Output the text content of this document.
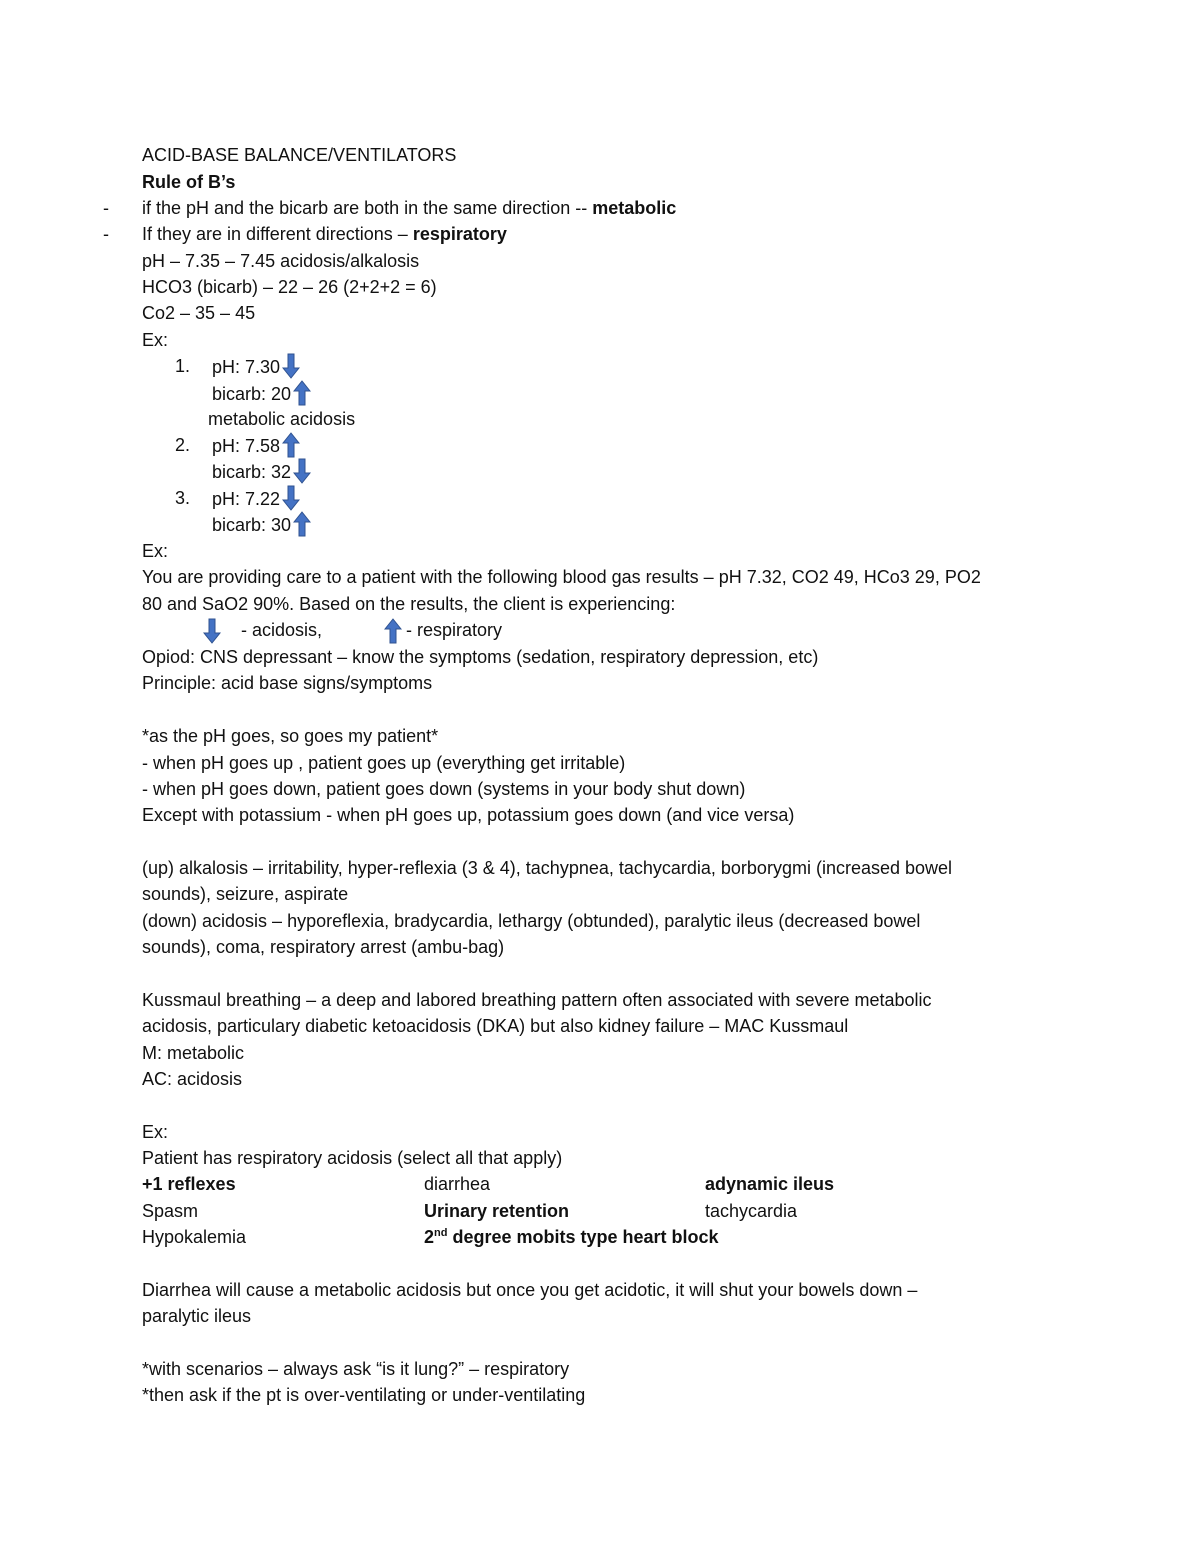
ACID-BASE BALANCE/VENTILATORS
Rule of B’s
- if the pH and the bicarb are both in the same direction -- metabolic
- If they are in different directions – respiratory
pH – 7.35 – 7.45 acidosis/alkalosis
HCO3 (bicarb) – 22 – 26 (2+2+2 = 6)
Co2 – 35 – 45
Ex:
1. pH: 7.30
bicarb: 20
metabolic acidosis
2. pH: 7.58
bicarb: 32
3. pH: 7.22
bicarb: 30
Ex:
You are providing care to a patient with the following blood gas results – pH 7.32, CO2 49, HCo3 29, PO2
80 and SaO2 90%. Based on the results, the client is experiencing:
- acidosis,	- respiratory
Opiod: CNS depressant – know the symptoms (sedation, respiratory depression, etc)
Principle: acid base signs/symptoms
*as the pH goes, so goes my patient*
- when pH goes up , patient goes up (everything get irritable)
- when pH goes down, patient goes down (systems in your body shut down)
Except with potassium - when pH goes up, potassium goes down (and vice versa)
(up) alkalosis – irritability, hyper-reflexia (3 & 4), tachypnea, tachycardia, borborygmi (increased bowel
sounds), seizure, aspirate
(down) acidosis – hyporeflexia, bradycardia, lethargy (obtunded), paralytic ileus (decreased bowel
sounds), coma, respiratory arrest (ambu-bag)
Kussmaul breathing – a deep and labored breathing pattern often associated with severe metabolic
acidosis, particulary diabetic ketoacidosis (DKA) but also kidney failure – MAC Kussmaul
M: metabolic
AC: acidosis
Ex:
Patient has respiratory acidosis (select all that apply)
+1 reflexes	diarrhea	adynamic ileus
Spasm	Urinary retention	tachycardia
Hypokalemia	2nd degree mobits type heart block
Diarrhea will cause a metabolic acidosis but once you get acidotic, it will shut your bowels down –
paralytic ileus
*with scenarios – always ask “is it lung?” – respiratory
*then ask if the pt is over-ventilating or under-ventilating
